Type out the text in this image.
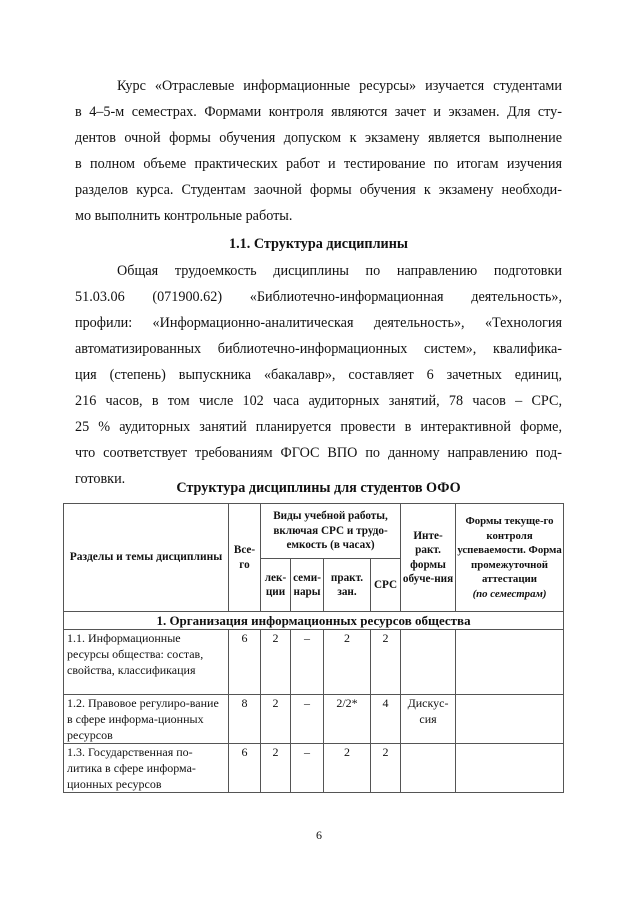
Курс «Отраслевые информационные ресурсы» изучается студентами
в 4–5-м семестрах. Формами контроля являются зачет и экзамен. Для сту-
дентов очной формы обучения допуском к экзамену является выполнение
в полном объеме практических работ и тестирование по итогам изучения
разделов курса. Студентам заочной формы обучения к экзамену необходи-
мо выполнить контрольные работы.
1.1. Структура дисциплины
Общая трудоемкость дисциплины по направлению подготовки
51.03.06 (071900.62) «Библиотечно-информационная деятельность»,
профили: «Информационно-аналитическая деятельность», «Технология
автоматизированных библиотечно-информационных систем», квалифика-
ция (степень) выпускника «бакалавр», составляет 6 зачетных единиц,
216 часов, в том числе 102 часа аудиторных занятий, 78 часов – СРС,
25 % аудиторных занятий планируется провести в интерактивной форме,
что соответствует требованиям ФГОС ВПО по данному направлению под-
готовки.
Структура дисциплины для студентов ОФО
Разделы и темы дисциплины	Все-го	Виды учебной работы, включая СРС и трудо-емкость (в часах)				Инте-ракт. формы обуче-ния	Формы текуще-го контроля успеваемости. Форма промежуточной аттестации
(по семестрам)
		лек-ции	семи-нары	практ. зан.	СРС		
1. Организация информационных ресурсов общества							
1.1. Информационные ресурсы общества: состав, свойства, классификация	6	2	–	2	2		
1.2. Правовое регулиро-вание в сфере информа-ционных ресурсов	8	2	–	2/2*	4	Дискус-сия	
1.3. Государственная по-литика в сфере информа-ционных ресурсов	6	2	–	2	2		
6
